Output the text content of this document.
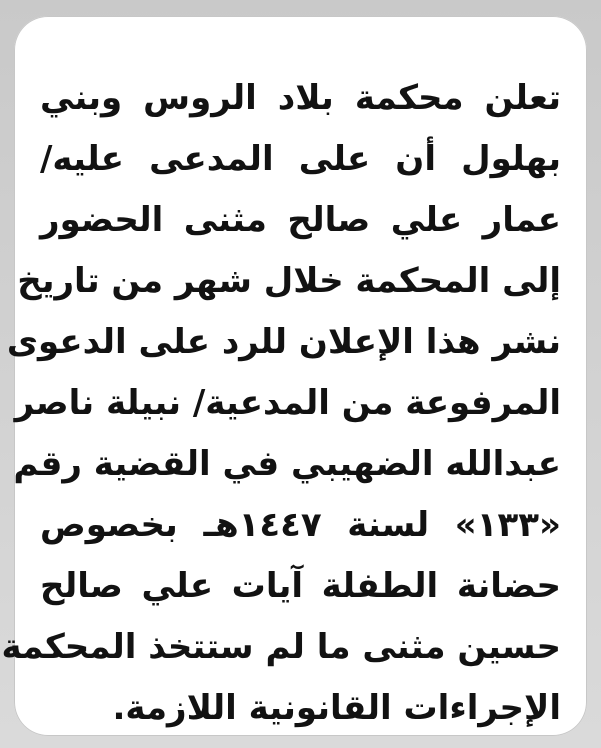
تعلن محكمة بلاد الروس وبني
بهلول أن على المدعى عليه/
عمار علي صالح مثنى الحضور
إلى المحكمة خلال شهر من تاريخ
نشر هذا الإعلان للرد على الدعوى
المرفوعة من المدعية/ نبيلة ناصر
عبدالله الضهيبي في القضية رقم
«١٣٣» لسنة ١٤٤٧هـ بخصوص
حضانة الطفلة آيات علي صالح
حسين مثنى ما لم ستتخذ المحكمة
الإجراءات القانونية اللازمة.
